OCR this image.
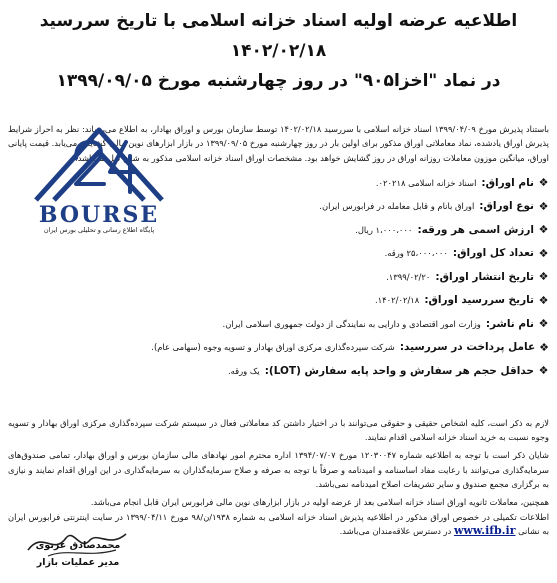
اطلاعیه عرضه اولیه اسناد خزانه اسلامی با تاریخ سررسید ۱۴۰۲/۰۲/۱۸
در نماد "اخزا۹۰۵" در روز چهارشنبه مورخ ۱۳۹۹/۰۹/۰۵

باستناد پذیرش مورخ ۱۳۹۹/۰۴/۰۹ اسناد خزانه اسلامی با سررسید ۱۴۰۲/۰۲/۱۸ توسط سازمان بورس و اوراق بهادار، به اطلاع می‌رساند: نظر به احراز شرایط پذیرش اوراق یادشده، نماد معاملاتی اوراق مذکور برای اولین بار در روز چهارشنبه مورخ ۱۳۹۹/۰۹/۰۵ در بازار ابزارهای نوین مالی گشایش می‌یابد. قیمت پایانی اوراق، میانگین موزون معاملات روزانه اوراق در روز گشایش خواهد بود. مشخصات اوراق اسناد خزانه اسلامی مذکور به شرح ذیل می‌باشد:

❖
نام اوراق:
اسناد خزانه اسلامی ۰۲۰۲۱۸.
❖
نوع اوراق:
اوراق بانام و قابل معامله در فرابورس ایران.
❖
ارزش اسمی هر ورقه:
۱،۰۰۰،۰۰۰ ریال.
❖
تعداد کل اوراق:
۲۵،۰۰۰،۰۰۰ ورقه.
❖
تاریخ انتشار اوراق:
۱۳۹۹/۰۲/۲۰.
❖
تاریخ سررسید اوراق:
۱۴۰۲/۰۲/۱۸.
❖
نام ناشر:
وزارت امور اقتصادی و دارایی به نمایندگی از دولت جمهوری اسلامی ایران.
❖
عامل پرداخت در سررسید:
شرکت سپرده‌گذاری مرکزی اوراق بهادار و تسویه وجوه (سهامی عام).
❖
حداقل حجم هر سفارش و واحد پایه سفارش (LOT):
یک ورقه.
BOURSE
پایگاه اطلاع رسانی و تحلیلی بورس ایران

لازم به ذکر است، کلیه اشخاص حقیقی و حقوقی می‌توانند با در اختیار داشتن کد معاملاتی فعال در سیستم شرکت سپرده‌گذاری مرکزی اوراق بهادار و تسویه وجوه نسبت به خرید اسناد خزانه اسلامی اقدام نمایند.

شایان ذکر است با توجه به اطلاعیه شماره ۱۲۰۳۰۰۴۷ مورخ ۱۳۹۴/۰۷/۰۷ اداره محترم امور نهادهای مالی سازمان بورس و اوراق بهادار، تمامی صندوق‌های سرمایه‌گذاری می‌توانند با رعایت مفاد اساسنامه و امیدنامه و صرفاً با توجه به صرفه و صلاح سرمایه‌گذاران به سرمایه‌گذاری در این اوراق اقدام نمایند و نیازی به برگزاری مجمع صندوق و سایر تشریفات اصلاح امیدنامه نمی‌باشد.

همچنین، معاملات ثانویه اوراق اسناد خزانه اسلامی بعد از عرضه اولیه در بازار ابزارهای نوین مالی فرابورس ایران قابل انجام می‌باشد.

اطلاعات تکمیلی در خصوص اوراق مذکور در اطلاعیه پذیرش اسناد خزانه اسلامی به شماره ۱۹۳۸/ن/۹۸ مورخ ۱۳۹۹/۰۴/۱۱ در سایت اینترنتی فرابورس ایران به نشانی www.ifb.ir در دسترس علاقه‌مندان می‌باشد.

محمدصادق غزنوی
مدیر عملیات بازار
